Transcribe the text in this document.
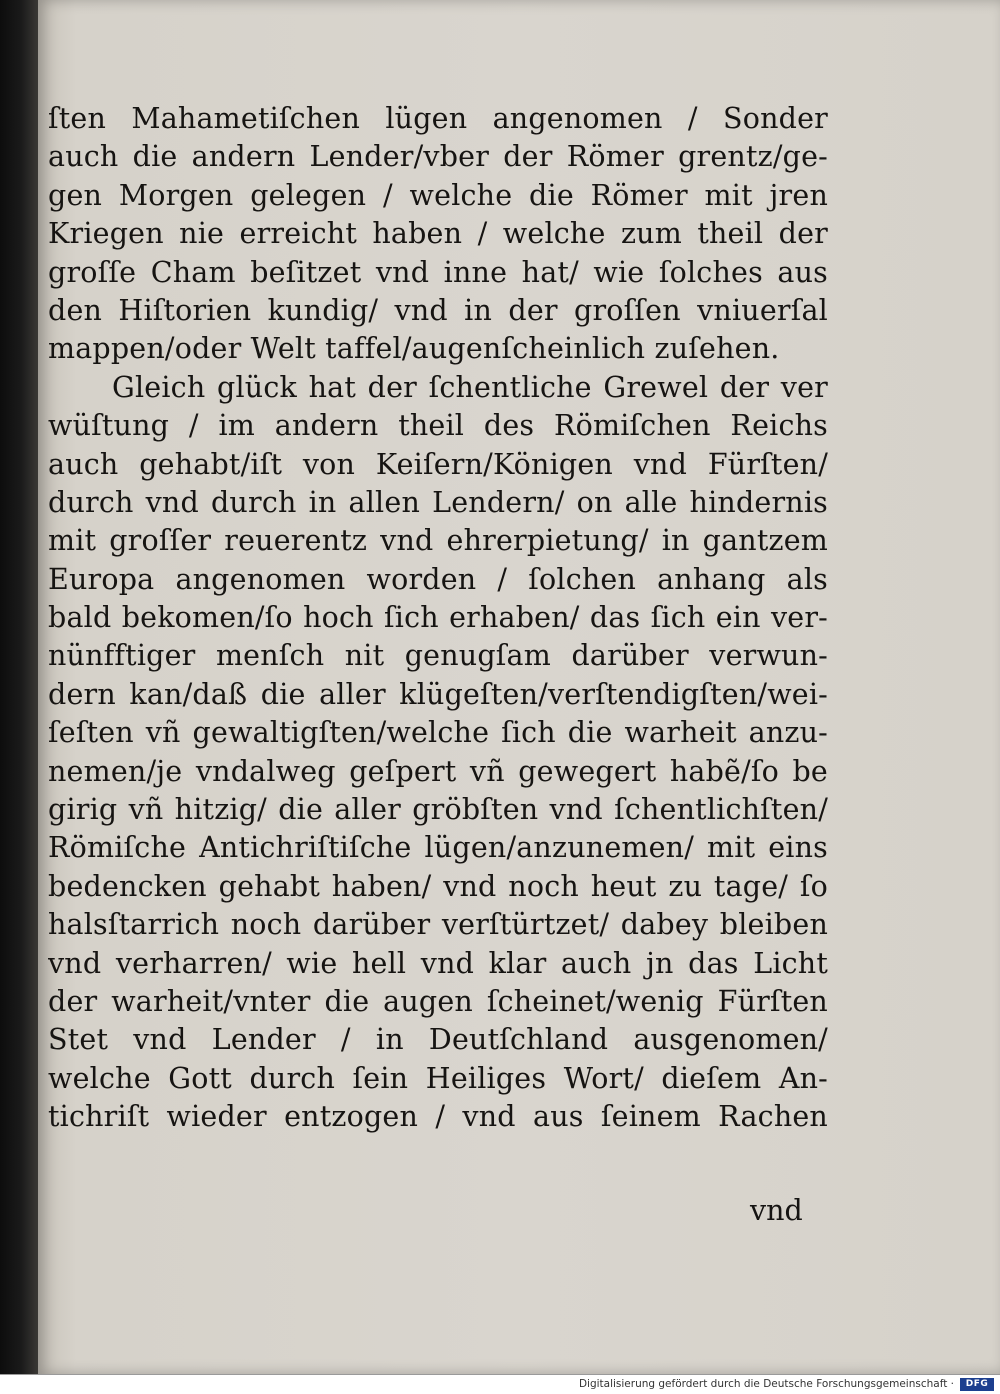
ſten Mahametiſchen lügen angenomen / Sonder
auch die andern Lender/vber der Römer grentz/ge-
gen Morgen gelegen / welche die Römer mit jren
Kriegen nie erreicht haben / welche zum theil der
groſſe Cham beſitzet vnd inne hat/ wie ſolches aus
den Hiſtorien kundig/ vnd in der groſſen vniuerſal
mappen/oder Welt taffel/augenſcheinlich zuſehen.
Gleich glück hat der ſchentliche Grewel der ver
wüſtung / im andern theil des Römiſchen Reichs
auch gehabt/iſt von Keiſern/Königen vnd Fürſten/
durch vnd durch in allen Lendern/ on alle hindernis
mit groſſer reuerentz vnd ehrerpietung/ in gantzem
Europa angenomen worden / ſolchen anhang als
bald bekomen/ſo hoch ſich erhaben/ das ſich ein ver-
nünfftiger menſch nit genugſam darüber verwun-
dern kan/daß die aller klügeſten/verſtendigſten/wei-
ſeſten vñ gewaltigſten/welche ſich die warheit anzu-
nemen/je vndalweg geſpert vñ gewegert habẽ/ſo be
girig vñ hitzig/ die aller gröbſten vnd ſchentlichſten/
Römiſche Antichriſtiſche lügen/anzunemen/ mit eins
bedencken gehabt haben/ vnd noch heut zu tage/ ſo
halsſtarrich noch darüber verſtürtzet/ dabey bleiben
vnd verharren/ wie hell vnd klar auch jn das Licht
der warheit/vnter die augen ſcheinet/wenig Fürſten
Stet vnd Lender / in Deutſchland ausgenomen/
welche Gott durch ſein Heiliges Wort/ dieſem An-
tichriſt wieder entzogen / vnd aus ſeinem Rachen
vnd
Digitalisierung gefördert durch die Deutsche Forschungsgemeinschaft ·	DFG
